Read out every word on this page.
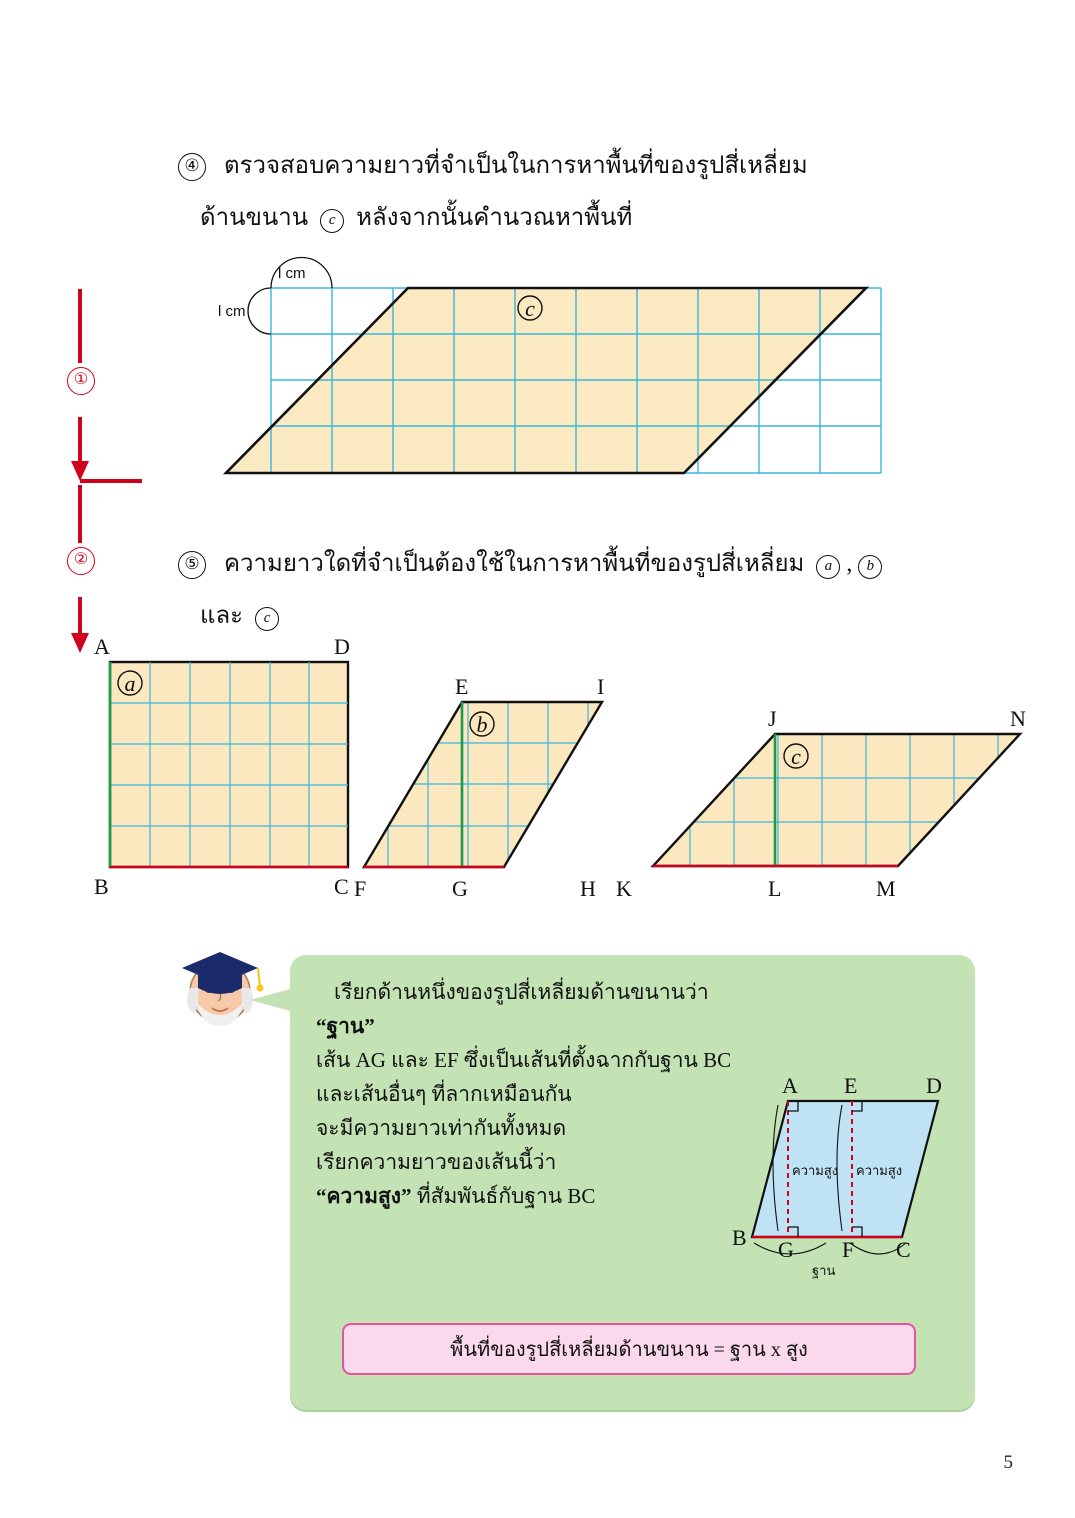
④ ตรวจสอบความยาวที่จำเป็นในการหาพื้นที่ของรูปสี่เหลี่ยม
ด้านขนาน c หลังจากนั้นคำนวณหาพื้นที่
①
②
l cm
l cm	c
⑤ ความยาวใดที่จำเป็นต้องใช้ในการหาพื้นที่ของรูปสี่เหลี่ยม a , b
และ c
A	D
B	C
a	E	I
F	G	H
b	J	N
K	L	M
c
เรียกด้านหนึ่งของรูปสี่เหลี่ยมด้านขนานว่า “ฐาน”
เส้น AG และ EF ซึ่งเป็นเส้นที่ตั้งฉากกับฐาน BC
และเส้นอื่นๆ ที่ลากเหมือนกัน
จะมีความยาวเท่ากันทั้งหมด
เรียกความยาวของเส้นนี้ว่า
“ความสูง” ที่สัมพันธ์กับฐาน BC
A E	D
B G F C
ความสูง ความสูง
ฐาน
พื้นที่ของรูปสี่เหลี่ยมด้านขนาน = ฐาน x สูง
5
